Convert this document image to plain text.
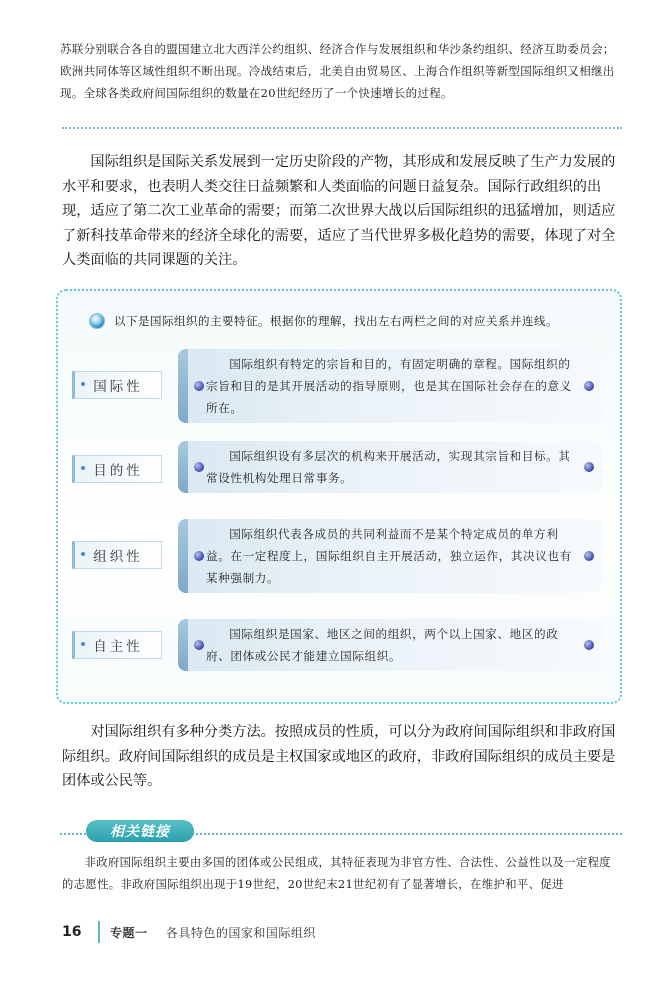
苏联分别联合各自的盟国建立北大西洋公约组织、经济合作与发展组织和华沙条约组织、经济互助委员会；欧洲共同体等区域性组织不断出现。冷战结束后，北美自由贸易区、上海合作组织等新型国际组织又相继出现。全球各类政府间国际组织的数量在20世纪经历了一个快速增长的过程。
国际组织是国际关系发展到一定历史阶段的产物，其形成和发展反映了生产力发展的水平和要求，也表明人类交往日益频繁和人类面临的问题日益复杂。国际行政组织的出现，适应了第二次工业革命的需要；而第二次世界大战以后国际组织的迅猛增加，则适应了新科技革命带来的经济全球化的需要，适应了当代世界多极化趋势的需要，体现了对全人类面临的共同课题的关注。
以下是国际组织的主要特征。根据你的理解，找出左右两栏之间的对应关系并连线。
国际性

国际组织有特定的宗旨和目的，有固定明确的章程。国际组织的宗旨和目的是其开展活动的指导原则，也是其在国际社会存在的意义所在。

目的性

国际组织设有多层次的机构来开展活动，实现其宗旨和目标。其常设性机构处理日常事务。

组织性

国际组织代表各成员的共同利益而不是某个特定成员的单方利益。在一定程度上，国际组织自主开展活动，独立运作，其决议也有某种强制力。

自主性

国际组织是国家、地区之间的组织，两个以上国家、地区的政府、团体或公民才能建立国际组织。

对国际组织有多种分类方法。按照成员的性质，可以分为政府间国际组织和非政府国际组织。政府间国际组织的成员是主权国家或地区的政府，非政府国际组织的成员主要是团体或公民等。
相关链接
非政府国际组织主要由多国的团体或公民组成，其特征表现为非官方性、合法性、公益性以及一定程度的志愿性。非政府国际组织出现于19世纪，20世纪末21世纪初有了显著增长，在维护和平、促进
16	专题一 各具特色的国家和国际组织
